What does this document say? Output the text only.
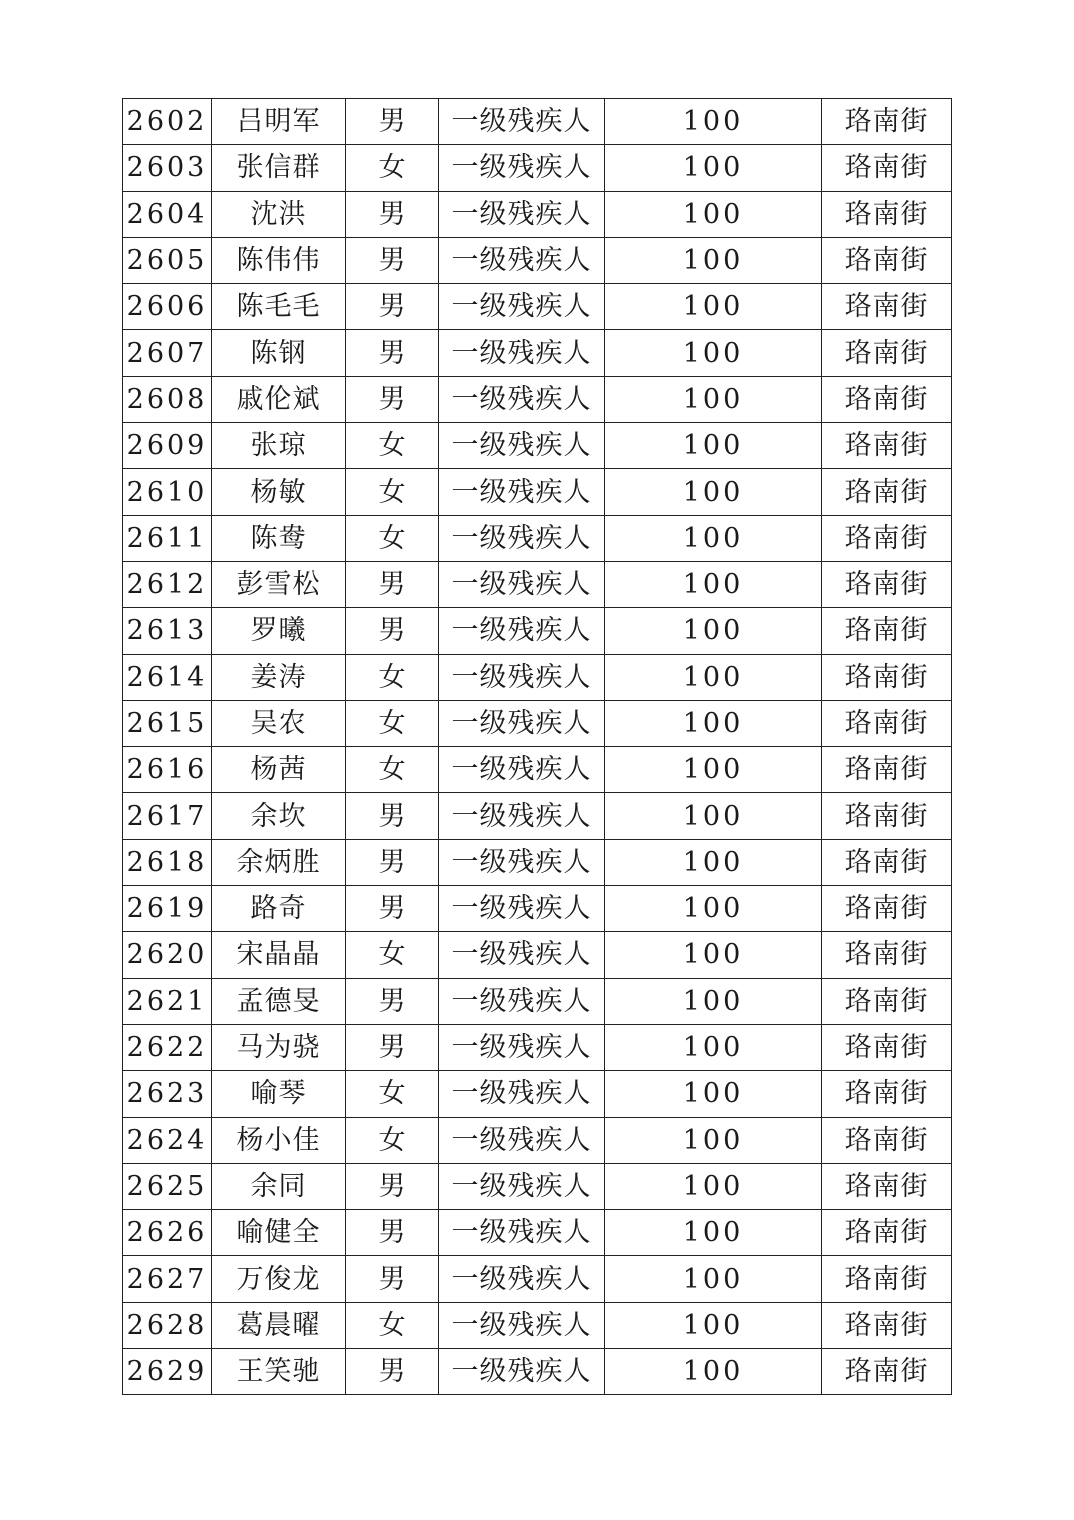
2602	吕明军	男	一级残疾人	100	珞南街
2603	张信群	女	一级残疾人	100	珞南街
2604	沈洪	男	一级残疾人	100	珞南街
2605	陈伟伟	男	一级残疾人	100	珞南街
2606	陈毛毛	男	一级残疾人	100	珞南街
2607	陈钢	男	一级残疾人	100	珞南街
2608	戚伦斌	男	一级残疾人	100	珞南街
2609	张琼	女	一级残疾人	100	珞南街
2610	杨敏	女	一级残疾人	100	珞南街
2611	陈鸯	女	一级残疾人	100	珞南街
2612	彭雪松	男	一级残疾人	100	珞南街
2613	罗曦	男	一级残疾人	100	珞南街
2614	姜涛	女	一级残疾人	100	珞南街
2615	吴农	女	一级残疾人	100	珞南街
2616	杨茜	女	一级残疾人	100	珞南街
2617	余坎	男	一级残疾人	100	珞南街
2618	余炳胜	男	一级残疾人	100	珞南街
2619	路奇	男	一级残疾人	100	珞南街
2620	宋晶晶	女	一级残疾人	100	珞南街
2621	孟德旻	男	一级残疾人	100	珞南街
2622	马为骁	男	一级残疾人	100	珞南街
2623	喻琴	女	一级残疾人	100	珞南街
2624	杨小佳	女	一级残疾人	100	珞南街
2625	余同	男	一级残疾人	100	珞南街
2626	喻健全	男	一级残疾人	100	珞南街
2627	万俊龙	男	一级残疾人	100	珞南街
2628	葛晨曜	女	一级残疾人	100	珞南街
2629	王笑驰	男	一级残疾人	100	珞南街
